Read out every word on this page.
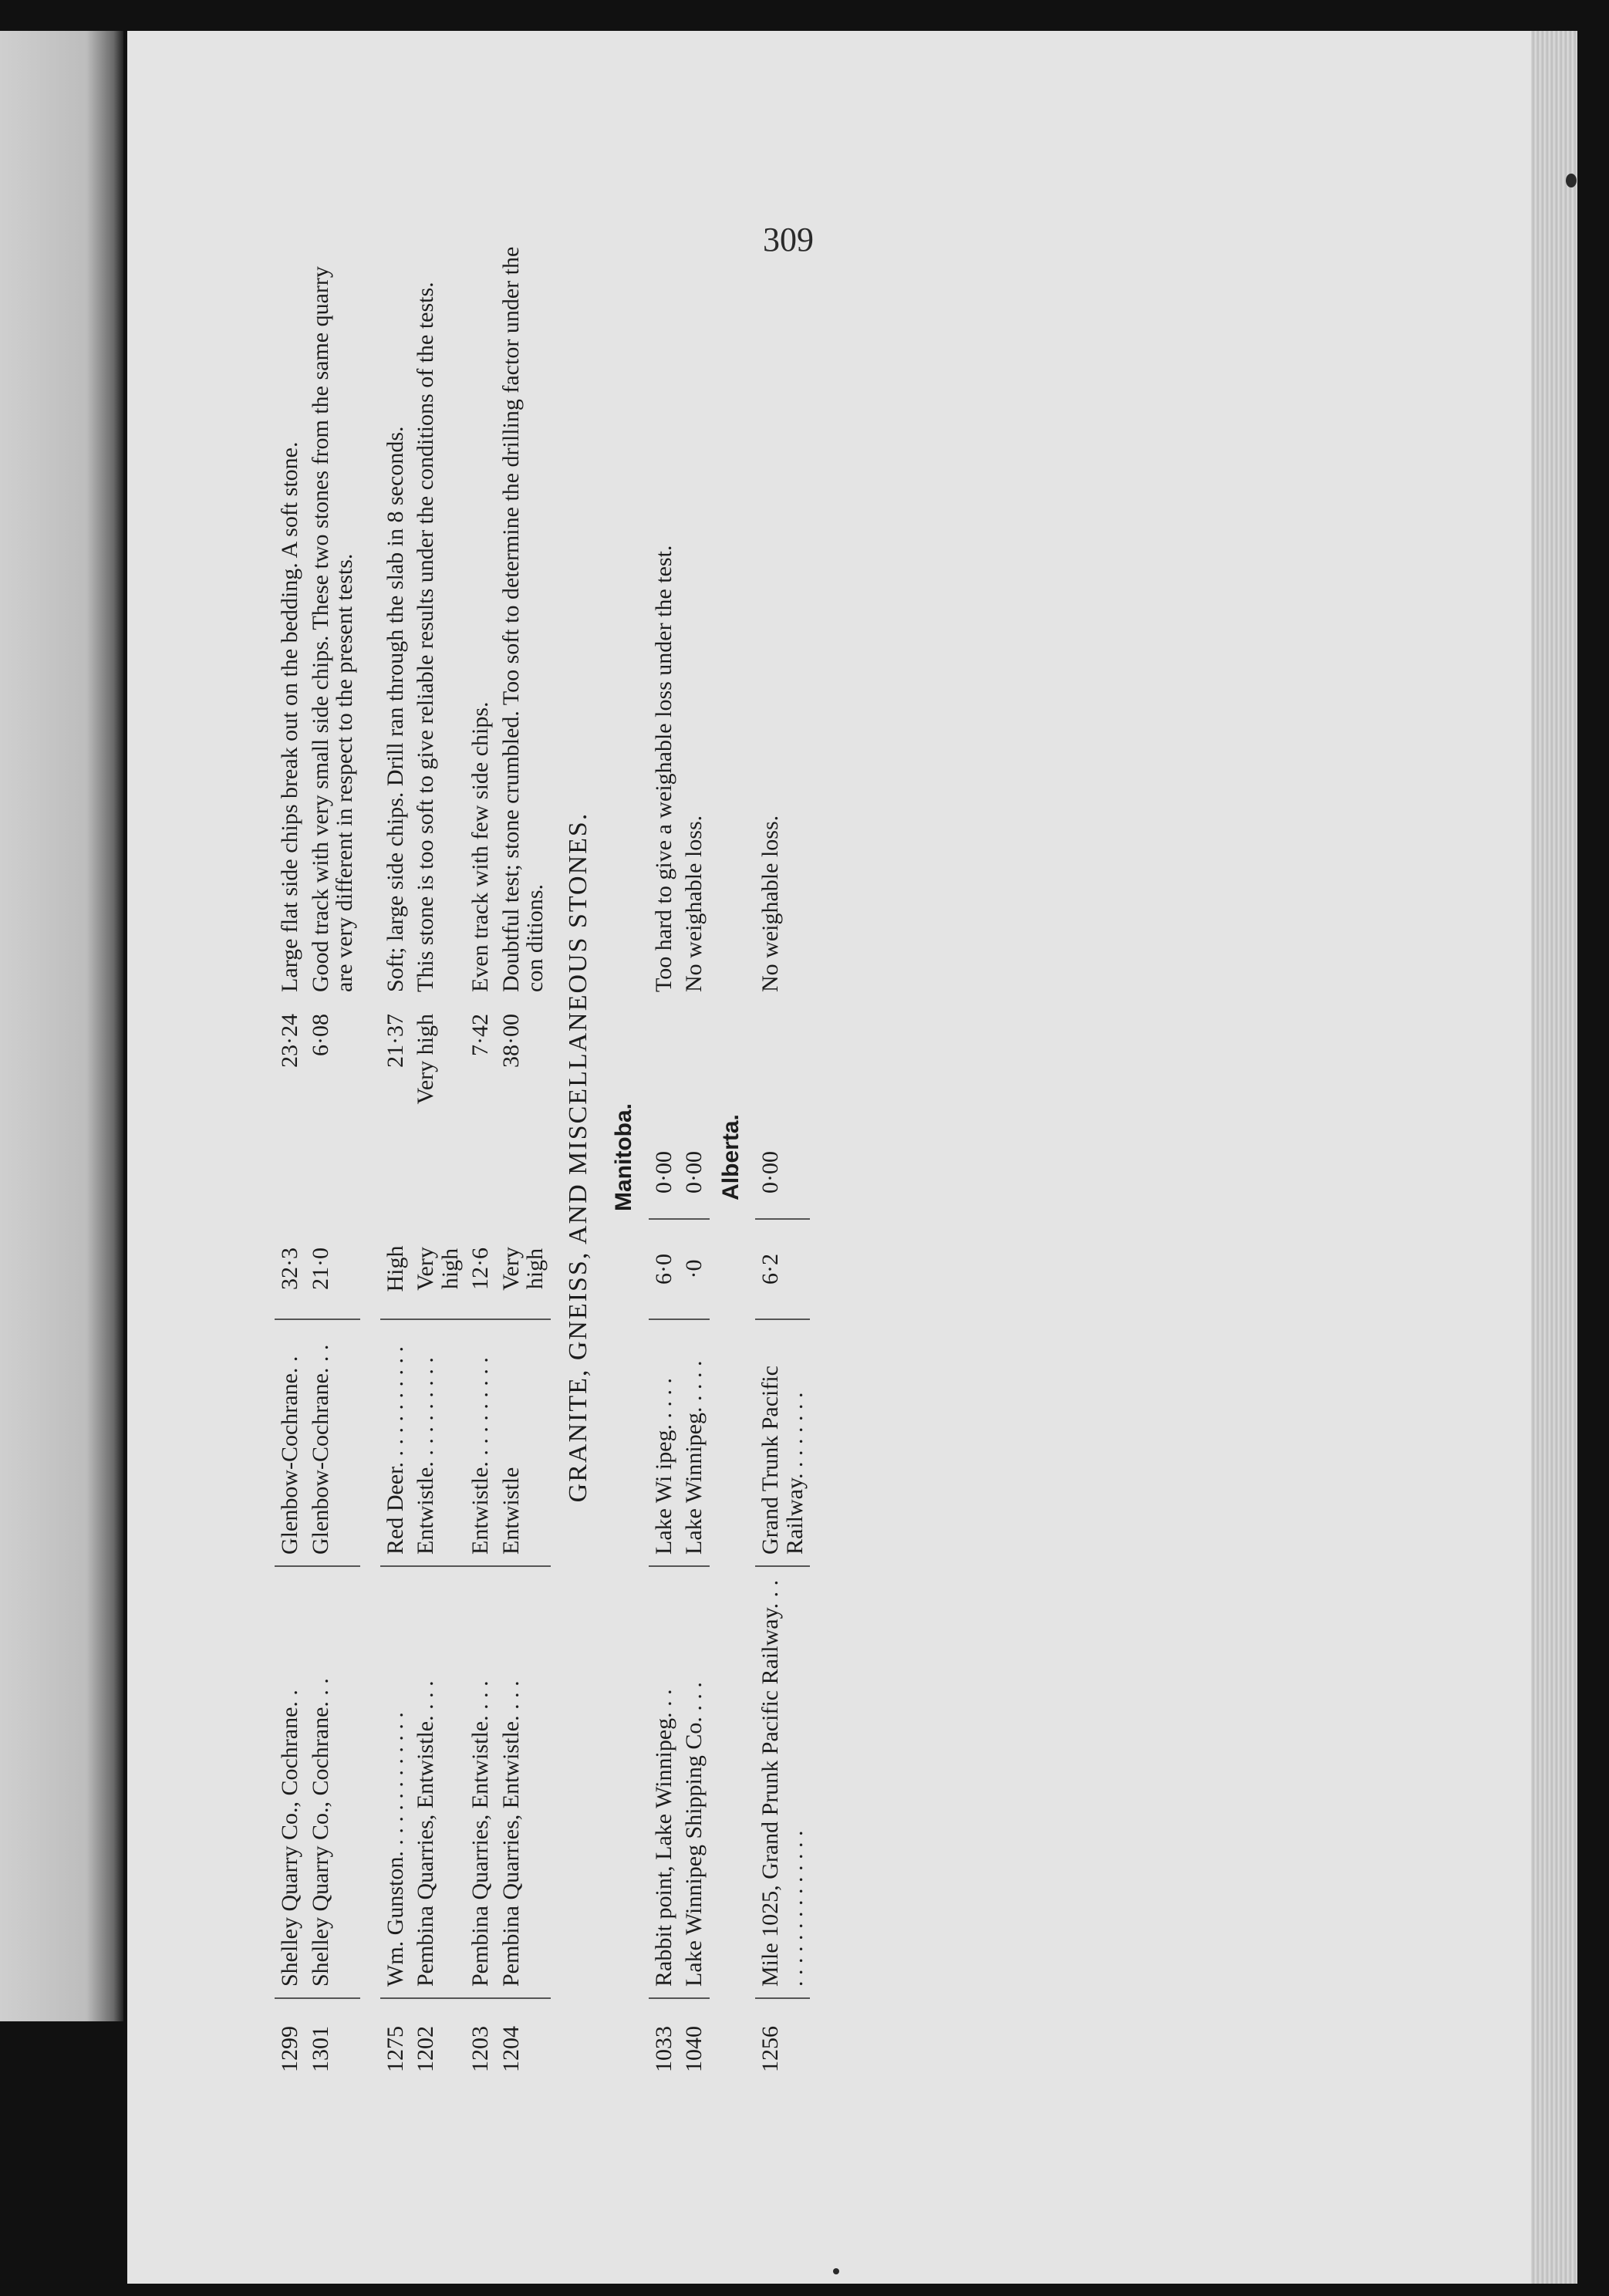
309

1299	Shelley Quarry Co., Cochrane. .	Glenbow-Cochrane. .	32·3		23·24	Large flat side chips break out on the bedding. A soft stone.
1301	Shelley Quarry Co., Cochrane. . .	Glenbow-Cochrane. . .	21·0		6·08	Good track with very small side chips. These two stones from the same quarry are very different in respect to the present tests.

1275	Wm. Gunston. . . . . . . . . . . . .	Red Deer. . . . . . . . . . .	High		21·37	Soft; large side chips. Drill ran through the slab in 8 seconds.
1202	Pembina Quarries, Entwistle. . . .	Entwistle. . . . . . . . . .	Very high		Very high	This stone is too soft to give reliable results under the conditions of the tests.
1203	Pembina Quarries, Entwistle. . . .	Entwistle. . . . . . . . . .	12·6		7·42	Even track with few side chips.
1204	Pembina Quarries, Entwistle. . . .	Entwistle	Very high		38·00	Doubtful test; stone crumbled. Too soft to determine the drilling factor under the con ditions.
GRANITE, GNEISS, AND MISCELLANEOUS STONES.						
Manitoba.						
1033	Rabbit point, Lake Winnipeg. . .	Lake Wi ipeg. . . . .	6·0	0·00		Too hard to give a weighable loss under the test.
1040	Lake Winnipeg Shipping Co. . . .	Lake Winnipeg. . . . .	·0	0·00		No weighable loss.
Alberta.						
1256	Mile 1025, Grand Prunk Pacific Railway. . . . . . . . . . . . . . . . .	Grand Trunk Pacific Railway. . . . . . . .	6·2	0·00		No weighable loss.
